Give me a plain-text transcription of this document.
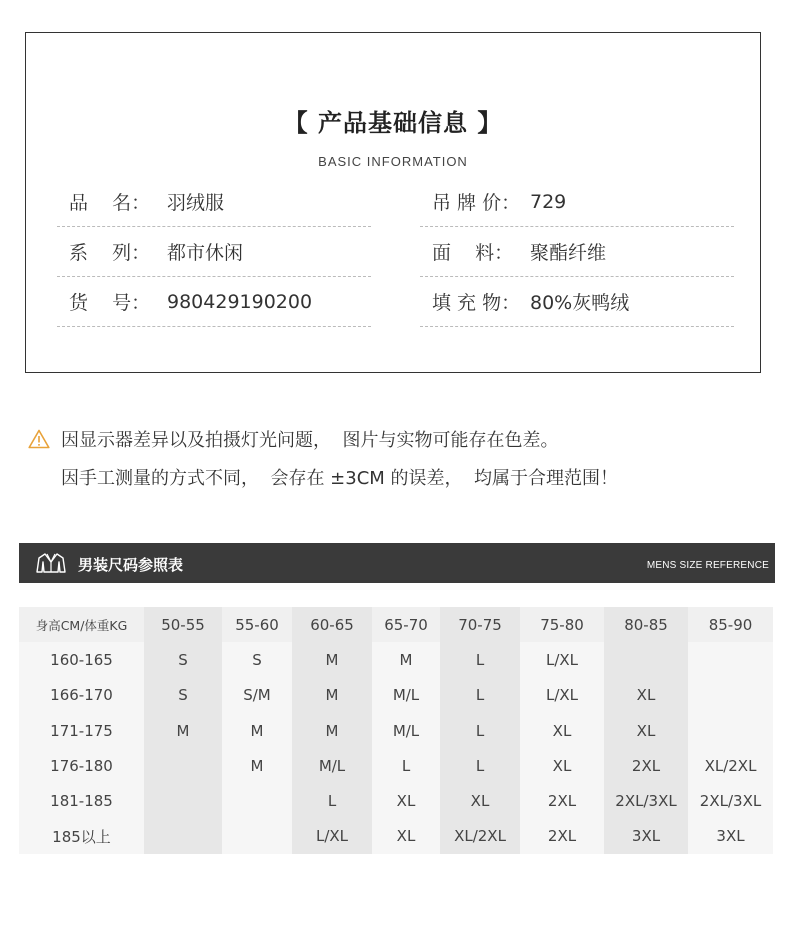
【 产品基础信息 】
BASIC INFORMATION
品    名： 羽绒服
系    列： 都市休闲
货    号： 980429190200
吊 牌 价： 729
面    料： 聚酯纤维
填 充 物： 80%灰鸭绒
因显示器差异以及拍摄灯光问题，  图片与实物可能存在色差。
因手工测量的方式不同，  会存在 ±3CM 的误差，  均属于合理范围！
男装尺码参照表	MENS SIZE REFERENCE
身高CM/体重KG	50-55	55-60	60-65	65-70	70-75	75-80	80-85	85-90
160-165	S	S	M	M	L	L/XL		
166-170	S	S/M	M	M/L	L	L/XL	XL	
171-175	M	M	M	M/L	L	XL	XL	
176-180		M	M/L	L	L	XL	2XL	XL/2XL
181-185			L	XL	XL	2XL	2XL/3XL	2XL/3XL
185以上			L/XL	XL	XL/2XL	2XL	3XL	3XL
